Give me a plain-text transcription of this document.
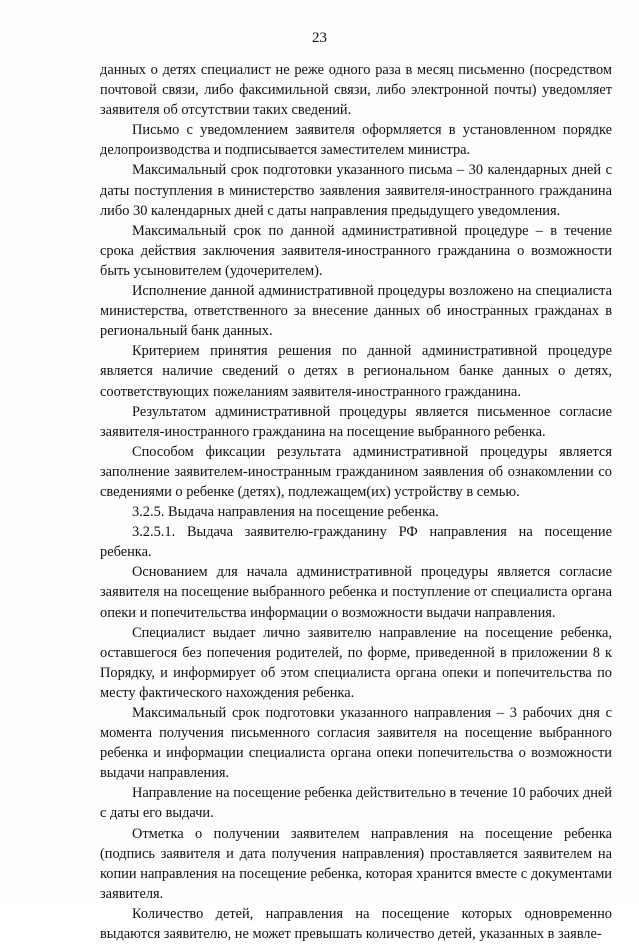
23

данных о детях специалист не реже одного раза в месяц письменно (посредством почтовой связи, либо факсимильной связи, либо электронной почты) уведомляет заявителя об отсутствии таких сведений.

Письмо с уведомлением заявителя оформляется в установленном порядке делопроизводства и подписывается заместителем министра.

Максимальный срок подготовки указанного письма – 30 календарных дней с даты поступления в министерство заявления заявителя-иностранного гражданина либо 30 календарных дней с даты направления предыдущего уведомления.

Максимальный срок по данной административной процедуре – в течение срока действия заключения заявителя-иностранного гражданина о возможности быть усыновителем (удочерителем).

Исполнение данной административной процедуры возложено на специалиста министерства, ответственного за внесение данных об иностранных гражданах в региональный банк данных.

Критерием принятия решения по данной административной процедуре является наличие сведений о детях в региональном банке данных о детях, соответствующих пожеланиям заявителя-иностранного гражданина.

Результатом административной процедуры является письменное согласие заявителя-иностранного гражданина на посещение выбранного ребенка.

Способом фиксации результата административной процедуры является заполнение заявителем-иностранным гражданином заявления об ознакомлении со сведениями о ребенке (детях), подлежащем(их) устройству в семью.

3.2.5. Выдача направления на посещение ребенка.

3.2.5.1. Выдача заявителю-гражданину РФ направления на посещение ребенка.

Основанием для начала административной процедуры является согласие заявителя на посещение выбранного ребенка и поступление от специалиста органа опеки и попечительства информации о возможности выдачи направления.

Специалист выдает лично заявителю направление на посещение ребенка, оставшегося без попечения родителей, по форме, приведенной в приложении 8 к Порядку, и информирует об этом специалиста органа опеки и попечительства по месту фактического нахождения ребенка.

Максимальный срок подготовки указанного направления – 3 рабочих дня с момента получения письменного согласия заявителя на посещение выбранного ребенка и информации специалиста органа опеки попечительства о возможности выдачи направления.

Направление на посещение ребенка действительно в течение 10 рабочих дней с даты его выдачи.

Отметка о получении заявителем направления на посещение ребенка (подпись заявителя и дата получения направления) проставляется заявителем на копии направления на посещение ребенка, которая хранится вместе с документами заявителя.

Количество детей, направления на посещение которых одновременно выдаются заявителю, не может превышать количество детей, указанных в заявле-
